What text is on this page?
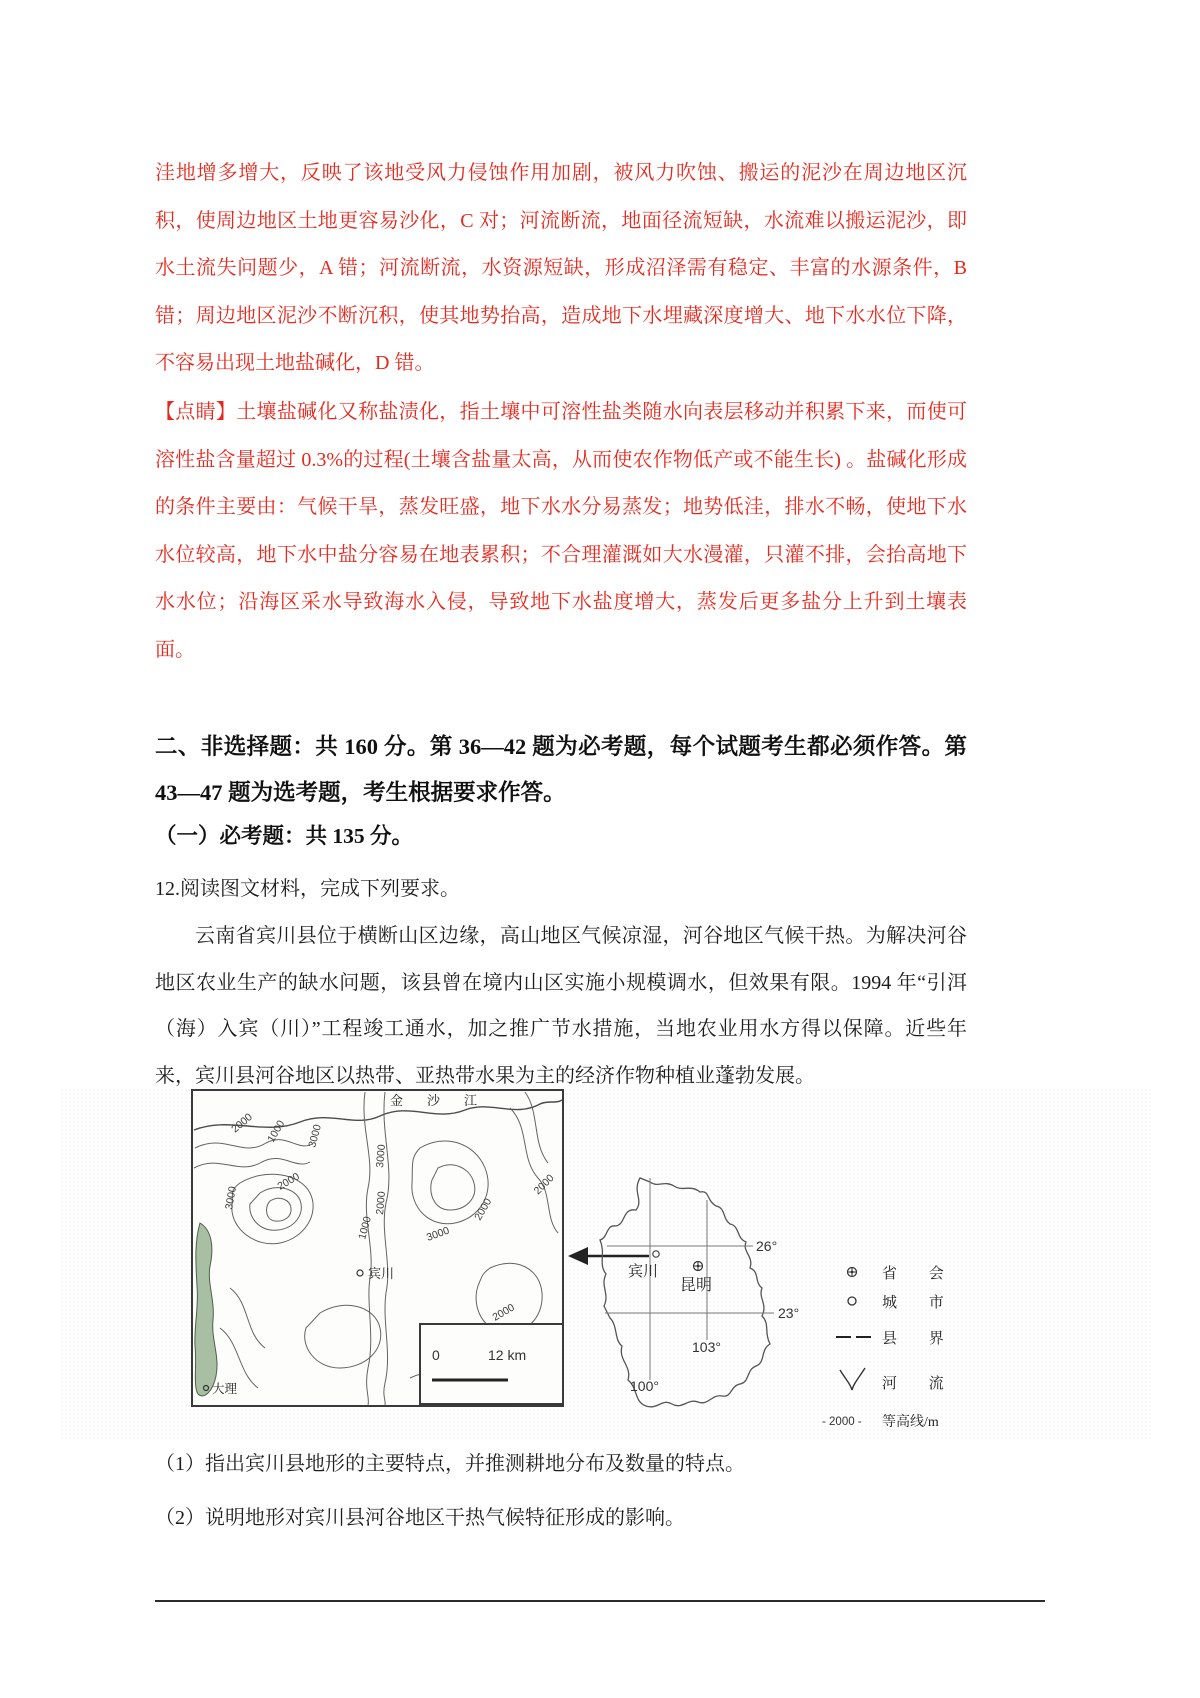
洼地增多增大，反映了该地受风力侵蚀作用加剧，被风力吹蚀、搬运的泥沙在周边地区沉积，使周边地区土地更容易沙化，C 对；河流断流，地面径流短缺，水流难以搬运泥沙，即水土流失问题少，A 错；河流断流，水资源短缺，形成沼泽需有稳定、丰富的水源条件，B 错；周边地区泥沙不断沉积，使其地势抬高，造成地下水埋藏深度增大、地下水水位下降，不容易出现土地盐碱化，D 错。

【点睛】土壤盐碱化又称盐渍化，指土壤中可溶性盐类随水向表层移动并积累下来，而使可溶性盐含量超过 0.3%的过程(土壤含盐量太高，从而使农作物低产或不能生长) 。盐碱化形成的条件主要由：气候干旱，蒸发旺盛，地下水水分易蒸发；地势低洼，排水不畅，使地下水水位较高，地下水中盐分容易在地表累积；不合理灌溉如大水漫灌，只灌不排，会抬高地下水水位；沿海区采水导致海水入侵，导致地下水盐度增大，蒸发后更多盐分上升到土壤表面。

二、非选择题：共 160 分。第 36—42 题为必考题，每个试题考生都必须作答。第 43—47 题为选考题，考生根据要求作答。

（一）必考题：共 135 分。

12.阅读图文材料，完成下列要求。

云南省宾川县位于横断山区边缘，高山地区气候凉湿，河谷地区气候干热。为解决河谷地区农业生产的缺水问题，该县曾在境内山区实施小规模调水，但效果有限。1994 年“引洱（海）入宾（川）”工程竣工通水，加之推广节水措施，当地农业用水方得以保障。近些年来，宾川县河谷地区以热带、亚热带水果为主的经济作物种植业蓬勃发展。

2000 1000 3000
3000
2000
3000
2000
1000	3000
2000
2000
2000
金沙江
宾川
大理
0	12 km
26°
23°
100°
103°
宾川
昆明
省 会
城 市
县 界
河 流
- 2000 - 等高线/m

（1）指出宾川县地形的主要特点，并推测耕地分布及数量的特点。

（2）说明地形对宾川县河谷地区干热气候特征形成的影响。
